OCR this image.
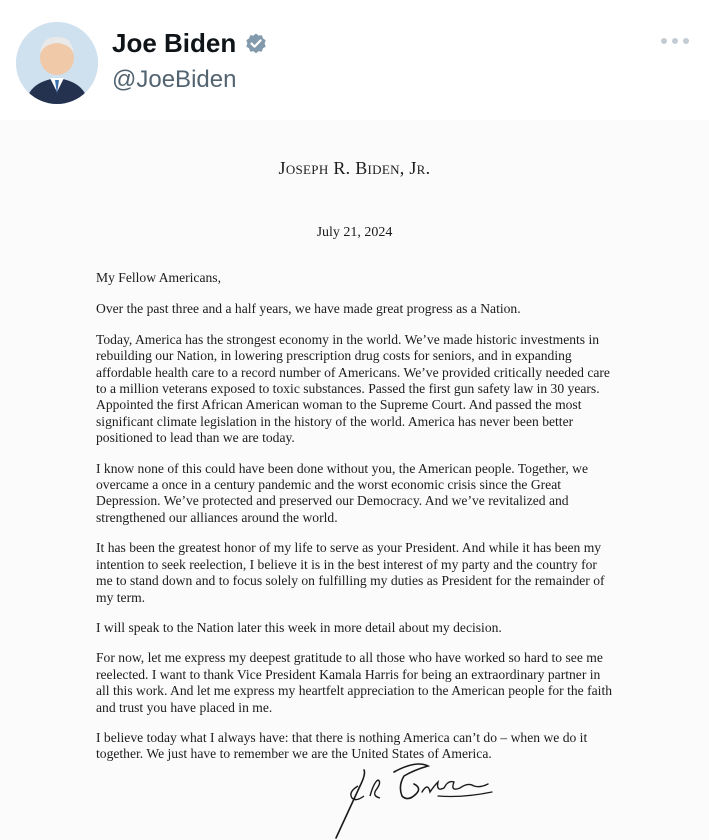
Joe Biden
@JoeBiden
Joseph R. Biden, Jr.
July 21, 2024

My Fellow Americans,

Over the past three and a half years, we have made great progress as a Nation.

Today, America has the strongest economy in the world. We’ve made historic investments in rebuilding our Nation, in lowering prescription drug costs for seniors, and in expanding affordable health care to a record number of Americans. We’ve provided critically needed care to a million veterans exposed to toxic substances. Passed the first gun safety law in 30 years. Appointed the first African American woman to the Supreme Court. And passed the most significant climate legislation in the history of the world. America has never been better positioned to lead than we are today.

I know none of this could have been done without you, the American people. Together, we overcame a once in a century pandemic and the worst economic crisis since the Great Depression. We’ve protected and preserved our Democracy. And we’ve revitalized and strengthened our alliances around the world.

It has been the greatest honor of my life to serve as your President. And while it has been my intention to seek reelection, I believe it is in the best interest of my party and the country for me to stand down and to focus solely on fulfilling my duties as President for the remainder of my term.

I will speak to the Nation later this week in more detail about my decision.

For now, let me express my deepest gratitude to all those who have worked so hard to see me reelected. I want to thank Vice President Kamala Harris for being an extraordinary partner in all this work. And let me express my heartfelt appreciation to the American people for the faith and trust you have placed in me.

I believe today what I always have: that there is nothing America can’t do – when we do it together. We just have to remember we are the United States of America.
